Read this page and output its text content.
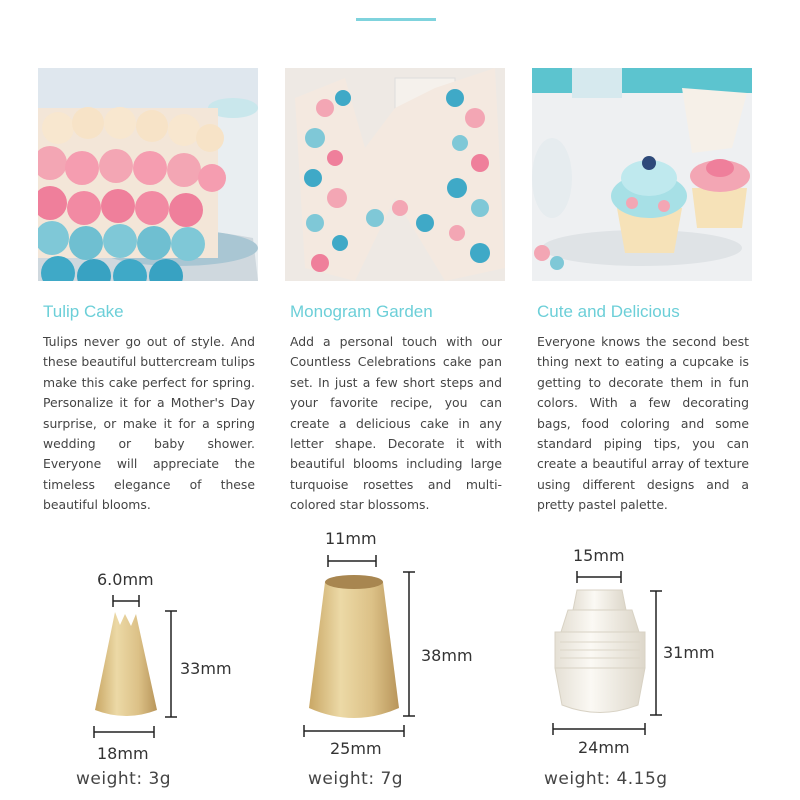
Tulip Cake	Monogram Garden	Cute and Delicious
Tulips never go out of style. And these beautiful buttercream tulips make this cake perfect for spring. Personalize it for a Mother's Day surprise, or make it for a spring wedding or baby shower. Everyone will appreciate the timeless elegance of these beautiful blooms.
Add a personal touch with our Countless Celebrations cake pan set. In just a few short steps and your favorite recipe, you can create a delicious cake in any letter shape. Decorate it with beautiful blooms including large turquoise rosettes and multi-colored star blossoms.
Everyone knows the second best thing next to eating a cupcake is getting to decorate them in fun colors. With a few decorating bags, food coloring and some standard piping tips, you can create a beautiful array of texture using different designs and a pretty pastel palette.
6.0mm
33mm
18mm
weight: 3g
11mm
38mm
25mm
weight: 7g
15mm
31mm
24mm
weight: 4.15g
